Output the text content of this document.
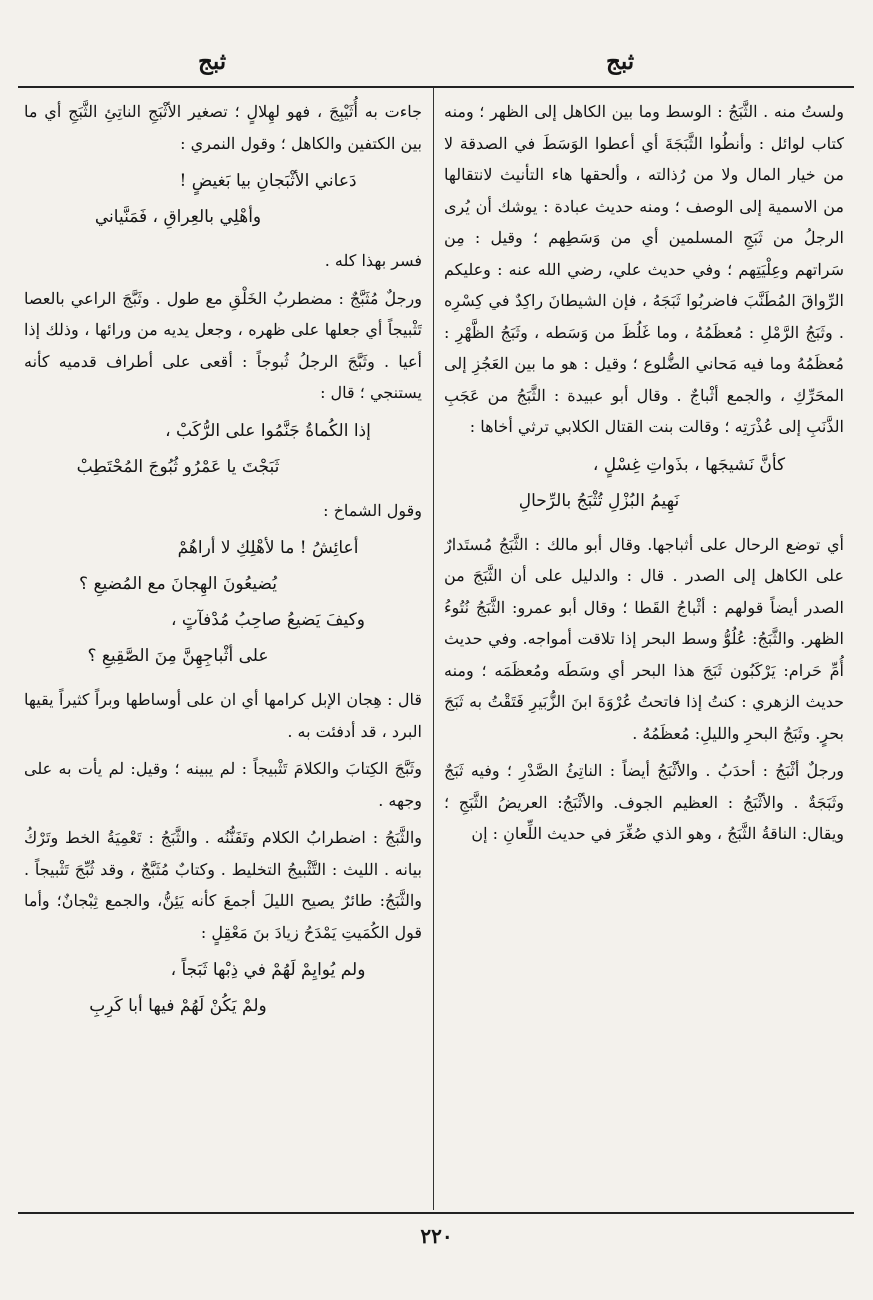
ثبج
ثبج

ولستُ منه . الثَّبَجُ : الوسط وما بين الكاهل إلى الظهر ؛ ومنه كتاب لوائل : وأنطُوا الثَّبَجَةَ أي أعطوا الوَسَطَ في الصدقة لا من خيار المال ولا من رُذالته ، وألحقها هاء التأنيث لانتقالها من الاسمية إلى الوصف ؛ ومنه حديث عبادة : يوشك أن يُرى الرجلُ من ثَبَجِ المسلمين أي من وَسَطِهم ؛ وقيل : مِن سَراتهم وعِلْيَتِهم ؛ وفي حديث علي، رضي الله عنه : وعليكم الرِّواقَ المُطَنَّبَ فاضربُوا ثَبَجَهُ ، فإن الشيطانَ راكِدٌ في كِسْرِه . وثَبَجُ الرَّمْلِ : مُعظَمُهُ ، وما غَلُظَ من وَسَطه ، وثَبَجُ الظَّهْرِ : مُعظَمُهُ وما فيه مَحاني الضُّلوع ؛ وقيل : هو ما بين العَجُزِ إلى المحَرِّكِ ، والجمع أثْباجٌ . وقال أبو عبيدة : الثَّبَجُ من عَجَبِ الذَّنَبِ إلى عُذْرَتِه ؛ وقالت بنت القتال الكلابي ترثي أخاها :

كأنَّ نَشيجَها ، بذَواتِ غِسْلٍ ،
نَهِيمُ البُزْلِ تُثْبَجُ بالرِّحالِ

أي توضع الرحال على أثباجها. وقال أبو مالك : الثَّبَجُ مُستَدارٌ على الكاهل إلى الصدر . قال : والدليل على أن الثَّبَجَ من الصدر أيضاً قولهم : أثْباجُ القَطا ؛ وقال أبو عمرو: الثَّبَجُ نُتُوءُ الظهر. والثَّبَجُ: عُلُوُّ وسط البحر إذا تلاقت أمواجه. وفي حديث أُمِّ حَرام: يَرْكَبُون ثَبَجَ هذا البحر أي وسَطَه ومُعظَمَه ؛ ومنه حديث الزهري : كنتُ إذا فاتحتُ عُرْوَةَ ابنَ الزُّبَيرِ فَتَقْتُ به ثَبَجَ بحرٍ. وثَبَجُ البحرِ والليلِ: مُعظَمُهُ .

ورجلٌ أثْبَجُ : أحدَبُ . والأثْبَجُ أيضاً : الناتِئُ الصَّدْرِ ؛ وفيه ثَبَجٌ وثَبَجَةٌ . والأثْبَجُ : العظيم الجوف. والأثْبَجُ: العريضُ الثَّبَجِ ؛ ويقال: الناقةُ الثَّبَجُ ، وهو الذي صُغِّرَ في حديث اللِّعانِ : إن

جاءت به أُثَيْبِجَ ، فهو لهِلالٍ ؛ تصغير الأثْبَجِ الناتِئِ الثَّبَجِ أي ما بين الكتفين والكاهل ؛ وقول النمري :

دَعاني الأثْبَجانِ بيا بَغيضٍ !
وأهْلِي بالعِراقِ ، فَمَنَّياني

فسر بهذا كله .

ورجلٌ مُثَبَّجٌ : مضطربُ الخَلْقِ مع طول . وثَبَّجَ الراعي بالعصا تَثْبيجاً أي جعلها على ظهره ، وجعل يديه من ورائها ، وذلك إذا أعيا . وثَبَّجَ الرجلُ ثُبوجاً : أقعى على أطراف قدميه كأنه يستنجي ؛ قال :

إذا الكُماةُ جَنَّمُوا على الرُّكَبْ ،
ثَبَجْتَ يا عَمْرُو ثُبُوجَ المُحْتَطِبْ

وقول الشماخ :

أعائِشُ ! ما لأهْلِكِ لا أراهُمْ
يُضيعُونَ الهِجانَ مع المُضيعِ ؟
وكيفَ يَضيعُ صاحِبُ مُدْفآتٍ ،
على أثْباجِهِنَّ مِنَ الصَّقِيعِ ؟

قال : هِجان الإبل كرامها أي ان على أوساطها وبراً كثيراً يقيها البرد ، قد أدفئت به .

وثَبَّجَ الكِتابَ والكلامَ تَثْبيجاً : لم يبينه ؛ وقيل: لم يأت به على وجهه .

والثَّبَجُ : اضطرابُ الكلام وتَفَنُّنُه . والثَّبَجُ : تَعْمِيَةُ الخط وتَرْكُ بيانه . الليث : التَّثْبيجُ التخليط . وكتابٌ مُثَبَّجٌ ، وقد ثُبِّجَ تَثْبيجاً . والثَّبَجُ: طائرٌ يصيح الليلَ أجمعَ كأنه يَئِنُّ، والجمع ثِبْجانٌ؛ وأما قول الكُمَيتِ يَمْدَحُ زيادَ بنَ مَعْقِلٍ :

ولم يُوايِمْ لَهُمْ في ذِبْها ثَبَجاً ،
ولمْ يَكُنْ لَهُمْ فيها أبا كَرِبِ
٢٢٠
